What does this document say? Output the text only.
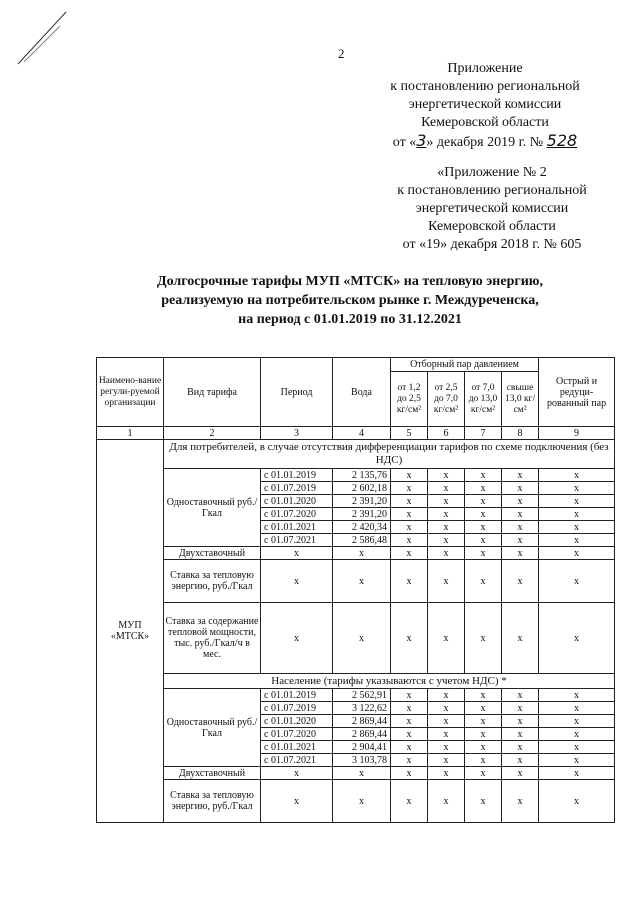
2
Приложение
к постановлению региональной
энергетической комиссии
Кемеровской области
от «3» декабря 2019 г. № 528
«Приложение № 2
к постановлению региональной
энергетической комиссии
Кемеровской области
от «19» декабря 2018 г. № 605
Долгосрочные тарифы МУП «МТСК» на тепловую энергию,
реализуемую на потребительском рынке г. Междуреченска,
на период с 01.01.2019 по 31.12.2021
Наимено-вание регули-руемой организации	Вид тарифа	Период	Вода	Отборный пар давлением				Острый и редуци-рованный пар
				от 1,2 до 2,5 кг/см²	от 2,5 до 7,0 кг/см²	от 7,0 до 13,0 кг/см²	свыше 13,0 кг/см²	
1	2	3	4	5	6	7	8	9
МУП «МТСК»	Для потребителей, в случае отсутствия дифференциации тарифов по схеме подключения (без НДС)							
	Одноставочный руб./Гкал	с 01.01.2019	2 135,76	х	х	х	х	х
		с 01.07.2019	2 602,18	х	х	х	х	х
		с 01.01.2020	2 391,20	х	х	х	х	х
		с 01.07.2020	2 391,20	х	х	х	х	х
		с 01.01.2021	2 420,34	х	х	х	х	х
		с 01.07.2021	2 586,48	х	х	х	х	х
	Двухставочный	х	х	х	х	х	х	х
	Ставка за тепловую энергию, руб./Гкал	х	х	х	х	х	х	х
	Ставка за содержание тепловой мощности, тыс. руб./Гкал/ч в мес.	х	х	х	х	х	х	х
	Население (тарифы указываются с учетом НДС) *							
	Одноставочный руб./Гкал	с 01.01.2019	2 562,91	х	х	х	х	х
		с 01.07.2019	3 122,62	х	х	х	х	х
		с 01.01.2020	2 869,44	х	х	х	х	х
		с 01.07.2020	2 869,44	х	х	х	х	х
		с 01.01.2021	2 904,41	х	х	х	х	х
		с 01.07.2021	3 103,78	х	х	х	х	х
	Двухставочный	х	х	х	х	х	х	х
	Ставка за тепловую энергию, руб./Гкал	х	х	х	х	х	х	х
